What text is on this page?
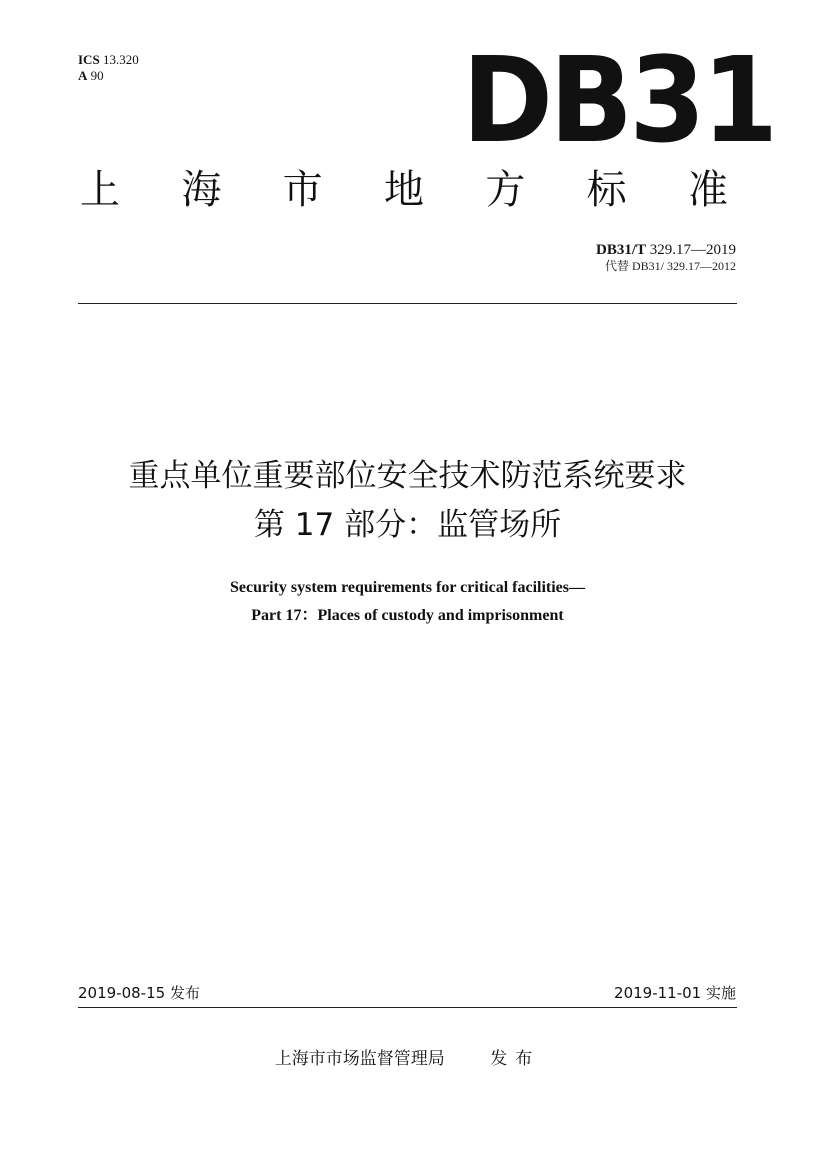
ICS 13.320
A 90	DB31
上 海 市 地 方 标 准
DB31/T 329.17—2019
代替 DB31/ 329.17—2012
重点单位重要部位安全技术防范系统要求
第 17 部分：监管场所
Security system requirements for critical facilities—
Part 17：Places of custody and imprisonment
2019-08-15 发布	2019-11-01 实施
上海市市场监督管理局	发布
